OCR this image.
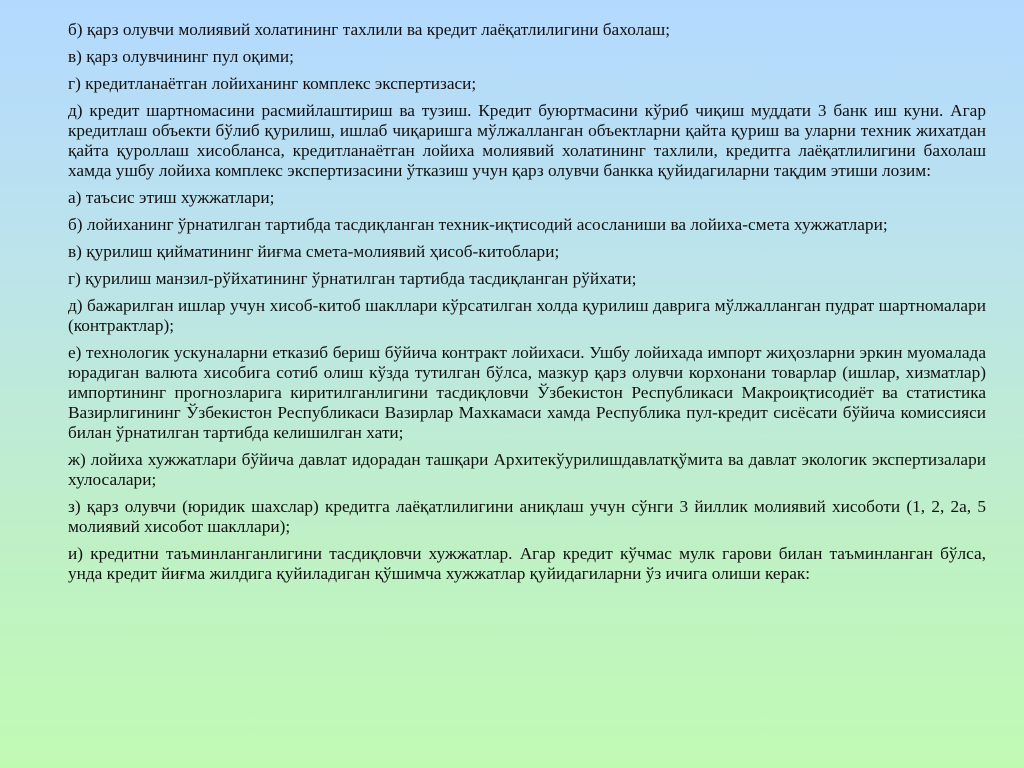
б) қарз олувчи молиявий холатининг тахлили ва кредит лаёқатлилигини бахолаш;

в) қарз олувчининг пул оқими;

г) кредитланаётган лойиханинг комплекс экспертизаси;

д) кредит шартномасини расмийлаштириш ва тузиш. Кредит буюртмасини кўриб чиқиш муддати 3 банк иш куни. Агар кредитлаш объекти бўлиб қурилиш, ишлаб чиқаришга мўлжалланган объектларни қайта қуриш ва уларни техник жихатдан қайта қуроллаш хисобланса, кредитланаётган лойиха молиявий холатининг тахлили, кредитга лаёқатлилигини бахолаш хамда ушбу лойиха комплекс экспертизасини ўтказиш учун қарз олувчи банкка қуйидагиларни тақдим этиши лозим:

а) таъсис этиш хужжатлари;

б) лойиханинг ўрнатилган тартибда тасдиқланган техник-иқтисодий асосланиши ва лойиха-смета хужжатлари;

в) қурилиш қийматининг йиғма смета-молиявий ҳисоб-китоблари;

г) қурилиш манзил-рўйхатининг ўрнатилган тартибда тасдиқланган рўйхати;

д) бажарилган ишлар учун хисоб-китоб шакллари кўрсатилган холда қурилиш даврига мўлжалланган пудрат шартномалари (контрактлар);

е) технологик ускуналарни етказиб бериш бўйича контракт лойихаси. Ушбу лойихада импорт жиҳозларни эркин муомалада юрадиган валюта хисобига сотиб олиш кўзда тутилган бўлса, мазкур қарз олувчи корхонани товарлар (ишлар, хизматлар) импортининг прогнозларига киритилганлигини тасдиқловчи Ўзбекистон Республикаси Макроиқтисодиёт ва статистика Вазирлигининг Ўзбекистон Республикаси Вазирлар Махкамаси хамда Республика пул-кредит сисёсати бўйича комиссияси билан ўрнатилган тартибда келишилган хати;

ж) лойиха хужжатлари бўйича давлат идорадан ташқари Архитекўурилишдавлатқўмита ва давлат экологик экспертизалари хулосалари;

з) қарз олувчи (юридик шахслар) кредитга лаёқатлилигини аниқлаш учун сўнги 3 йиллик молиявий хисоботи (1, 2, 2а, 5 молиявий хисобот шакллари);

и) кредитни таъминланганлигини тасдиқловчи хужжатлар. Агар кредит кўчмас мулк гарови билан таъминланган бўлса, унда кредит йиғма жилдига қуйиладиган қўшимча хужжатлар қуйидагиларни ўз ичига олиши керак:
